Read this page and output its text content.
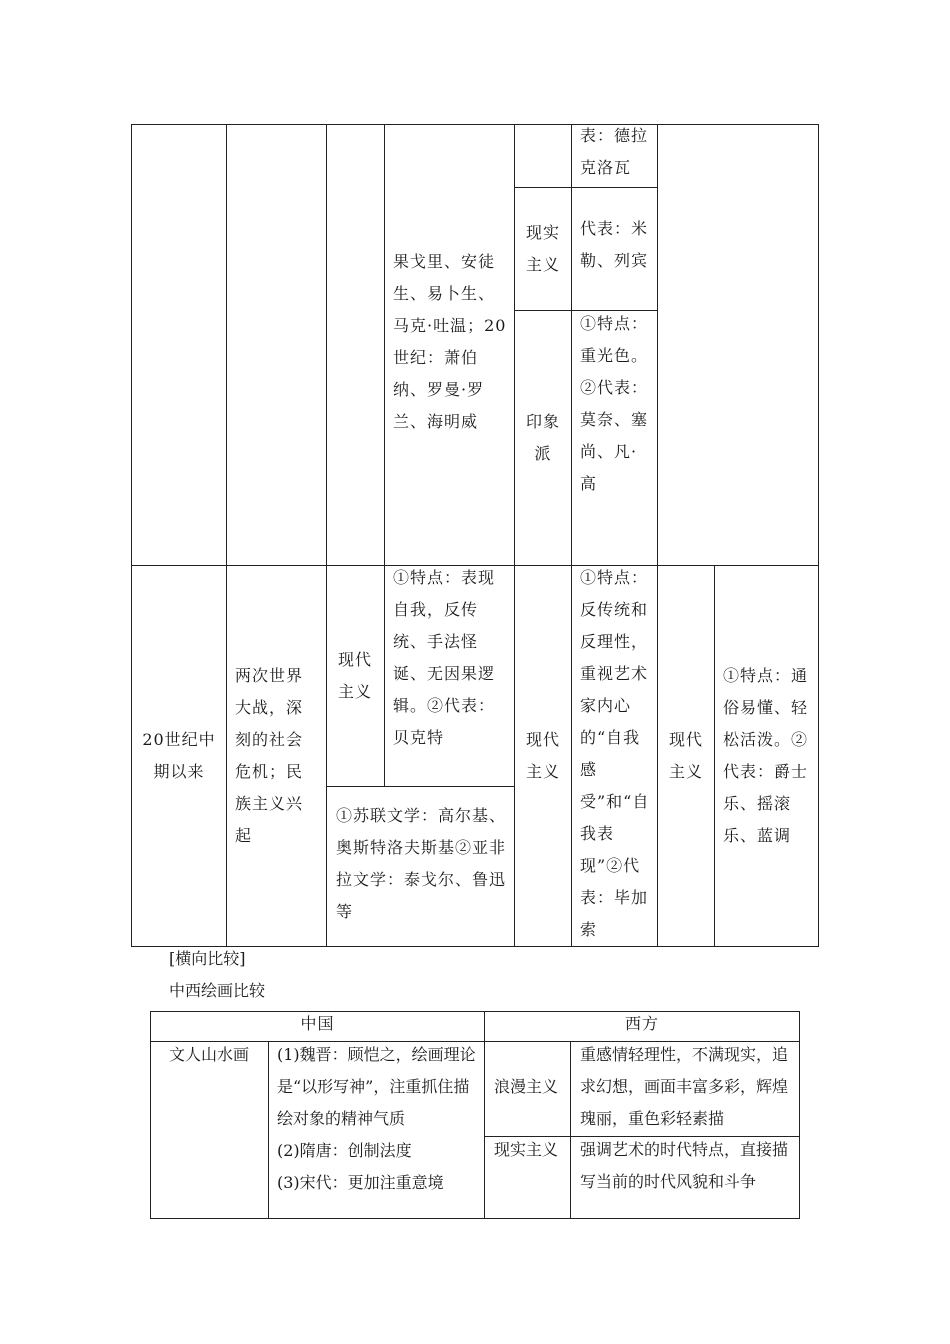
表：德拉克洛瓦
果戈里、安徒生、易卜生、马克·吐温；20世纪：萧伯纳、罗曼·罗兰、海明威
现实主义
代表：米勒、列宾
印象派
①特点：重光色。②代表：莫奈、塞尚、凡·高
20世纪中期以来
两次世界大战，深刻的社会危机；民族主义兴起
现代主义
①特点：表现自我，反传统、手法怪诞、无因果逻辑。②代表：贝克特
①苏联文学：高尔基、奥斯特洛夫斯基②亚非拉文学：泰戈尔、鲁迅等
现代主义
①特点：反传统和反理性，重视艺术家内心的“自我感受”和“自我表现”②代表：毕加索
现代主义
①特点：通俗易懂、轻松活泼。②代表：爵士乐、摇滚乐、蓝调
[横向比较]
中西绘画比较
中国	西方
文人山水画 (1)魏晋：顾恺之，绘画理论是“以形写神”，注重抓住描绘对象的精神气质
(2)隋唐：创制法度
(3)宋代：更加注重意境
浪漫主义
重感情轻理性，不满现实，追求幻想，画面丰富多彩，辉煌瑰丽，重色彩轻素描
现实主义 强调艺术的时代特点，直接描写当前的时代风貌和斗争
